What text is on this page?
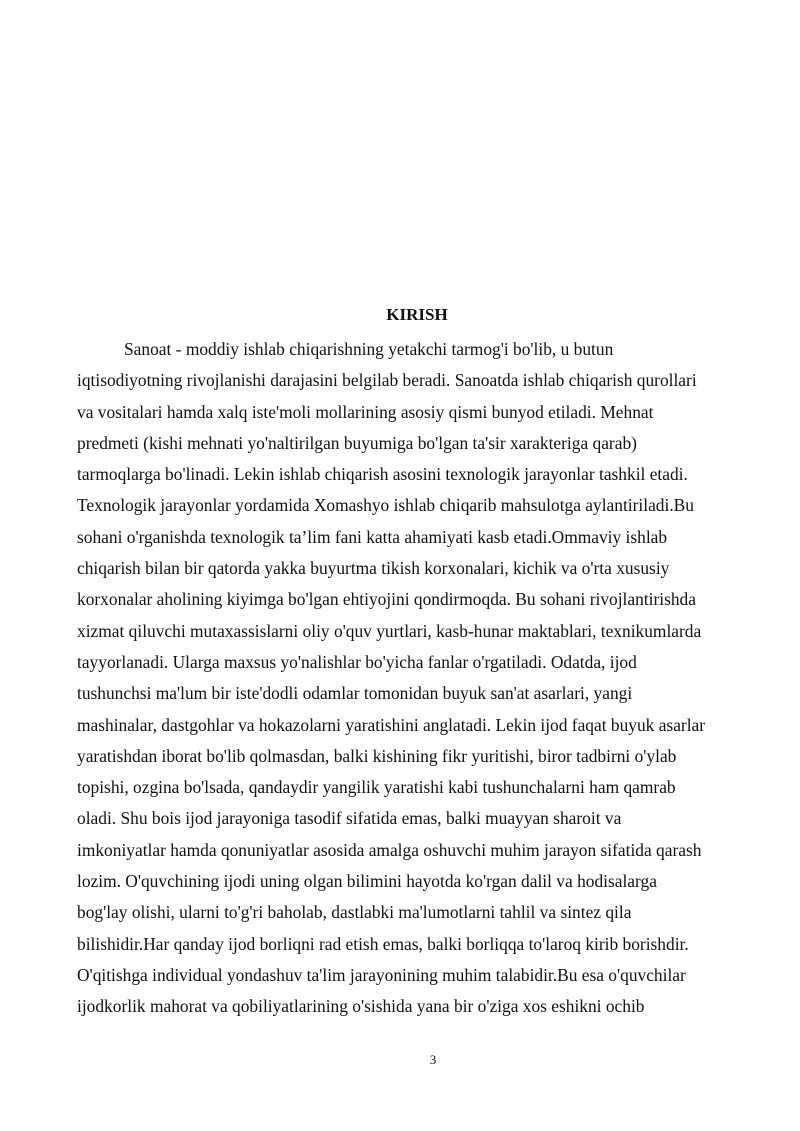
KIRISH
Sanoat - moddiy ishlab chiqarishning yetakchi tarmog'i bo'lib, u butun
iqtisodiyotning rivojlanishi darajasini belgilab beradi. Sanoatda ishlab chiqarish qurollari
va vositalari hamda xalq iste'moli mollarining asosiy qismi bunyod etiladi. Mehnat
predmeti (kishi mehnati yo'naltirilgan buyumiga bo'lgan ta'sir xarakteriga qarab)
tarmoqlarga bo'linadi. Lekin ishlab chiqarish asosini texnologik jarayonlar tashkil etadi.
Texnologik jarayonlar yordamida Xomashyo ishlab chiqarib mahsulotga aylantiriladi.Bu
sohani o'rganishda texnologik ta’lim fani katta ahamiyati kasb etadi.Ommaviy ishlab
chiqarish bilan bir qatorda yakka buyurtma tikish korxonalari, kichik va o'rta xususiy
korxonalar aholining kiyimga bo'lgan ehtiyojini qondirmoqda. Bu sohani rivojlantirishda
xizmat qiluvchi mutaxassislarni oliy o'quv yurtlari, kasb-hunar maktablari, texnikumlarda
tayyorlanadi. Ularga maxsus yo'nalishlar bo'yicha fanlar o'rgatiladi. Odatda, ijod
tushunchsi ma'lum bir iste'dodli odamlar tomonidan buyuk san'at asarlari, yangi
mashinalar, dastgohlar va hokazolarni yaratishini anglatadi. Lekin ijod faqat buyuk asarlar
yaratishdan iborat bo'lib qolmasdan, balki kishining fikr yuritishi, biror tadbirni o'ylab
topishi, ozgina bo'lsada, qandaydir yangilik yaratishi kabi tushunchalarni ham qamrab
oladi. Shu bois ijod jarayoniga tasodif sifatida emas, balki muayyan sharoit va
imkoniyatlar hamda qonuniyatlar asosida amalga oshuvchi muhim jarayon sifatida qarash
lozim. O'quvchining ijodi uning olgan bilimini hayotda ko'rgan dalil va hodisalarga
bog'lay olishi, ularni to'g'ri baholab, dastlabki ma'lumotlarni tahlil va sintez qila
bilishidir.Har qanday ijod borliqni rad etish emas, balki borliqqa to'laroq kirib borishdir.
O'qitishga individual yondashuv ta'lim jarayonining muhim talabidir.Bu esa o'quvchilar
ijodkorlik mahorat va qobiliyatlarining o'sishida yana bir o'ziga xos eshikni ochib
3
